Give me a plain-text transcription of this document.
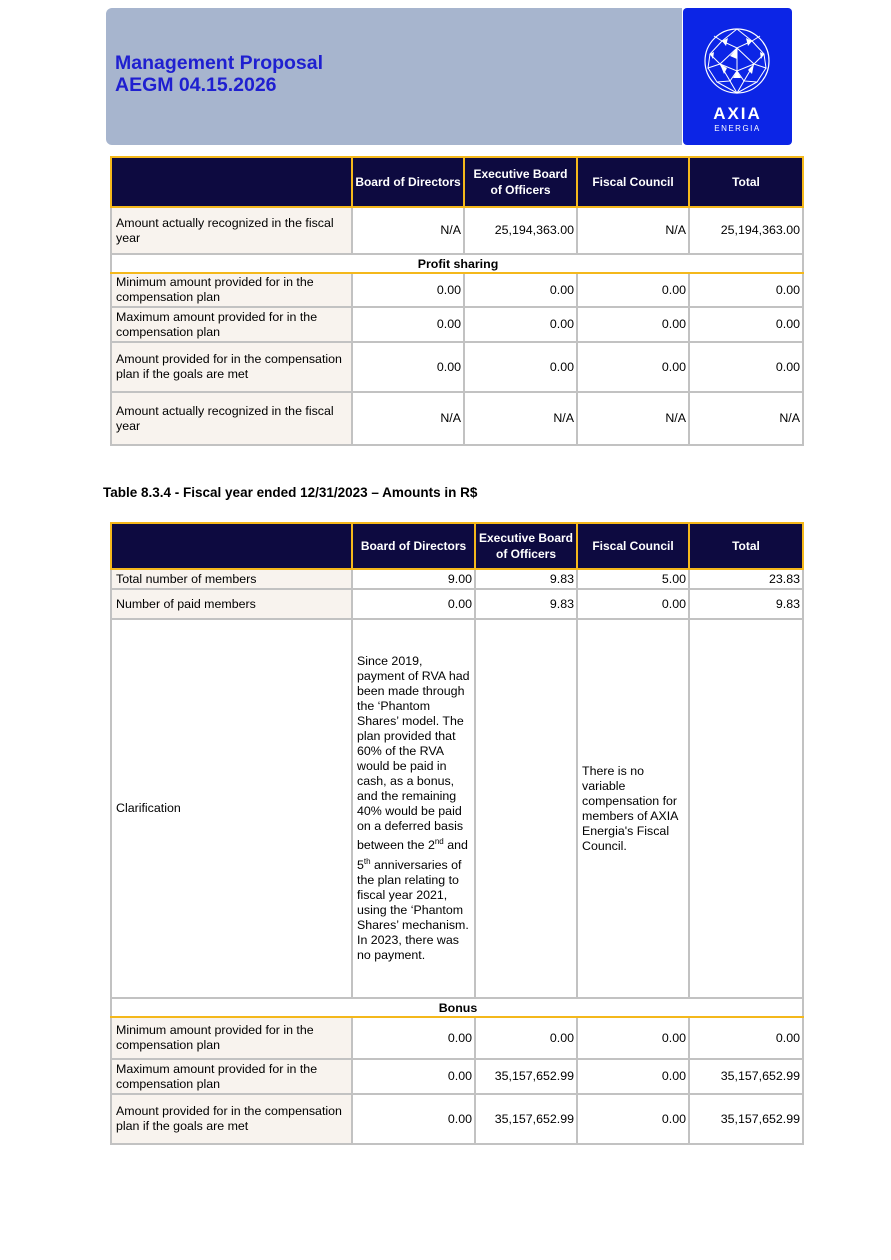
Management Proposal
AEGM 04.15.2026
AXIA
ENERGIA
	Board of Directors	Executive Board of Officers	Fiscal Council	Total
Amount actually recognized in the fiscal year	N/A	25,194,363.00	N/A	25,194,363.00
Profit sharing				
Minimum amount provided for in the compensation plan	0.00	0.00	0.00	0.00
Maximum amount provided for in the compensation plan	0.00	0.00	0.00	0.00
Amount provided for in the compensation plan if the goals are met	0.00	0.00	0.00	0.00
Amount actually recognized in the fiscal year	N/A	N/A	N/A	N/A
Table 8.3.4 - Fiscal year ended 12/31/2023 – Amounts in R$
	Board of Directors	Executive Board of Officers	Fiscal Council	Total
Total number of members	9.00	9.83	5.00	23.83
Number of paid members	0.00	9.83	0.00	9.83
Clarification	Since 2019, payment of RVA had been made through the ‘Phantom Shares’ model. The plan provided that 60% of the RVA would be paid in cash, as a bonus, and the remaining 40% would be paid on a deferred basis between the 2nd and 5th anniversaries of the plan relating to fiscal year 2021, using the ‘Phantom Shares’ mechanism. In 2023, there was no payment.		There is no variable compensation for members of AXIA Energia's Fiscal Council.	
Bonus				
Minimum amount provided for in the compensation plan	0.00	0.00	0.00	0.00
Maximum amount provided for in the compensation plan	0.00	35,157,652.99	0.00	35,157,652.99
Amount provided for in the compensation plan if the goals are met	0.00	35,157,652.99	0.00	35,157,652.99
